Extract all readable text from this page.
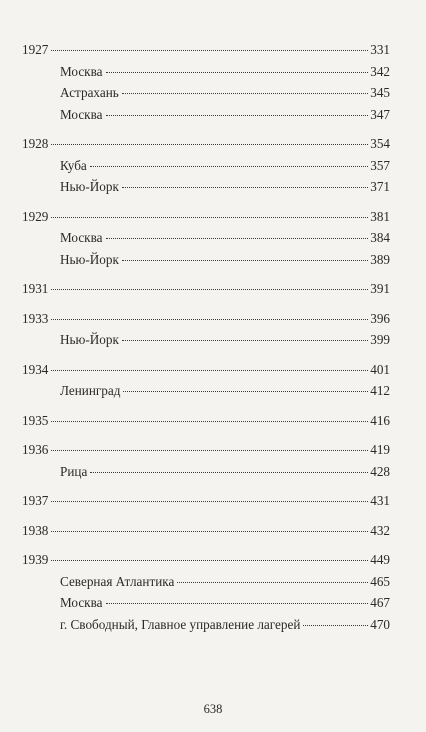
1927	331
Москва	342
Астрахань	345
Москва	347
1928	354
Куба	357
Нью-Йорк	371
1929	381
Москва	384
Нью-Йорк	389
1931	391
1933	396
Нью-Йорк	399
1934	401
Ленинград	412
1935	416
1936	419
Рица	428
1937	431
1938	432
1939	449
Северная Атлантика	465
Москва	467
г. Свободный, Главное управление лагерей	470
638
